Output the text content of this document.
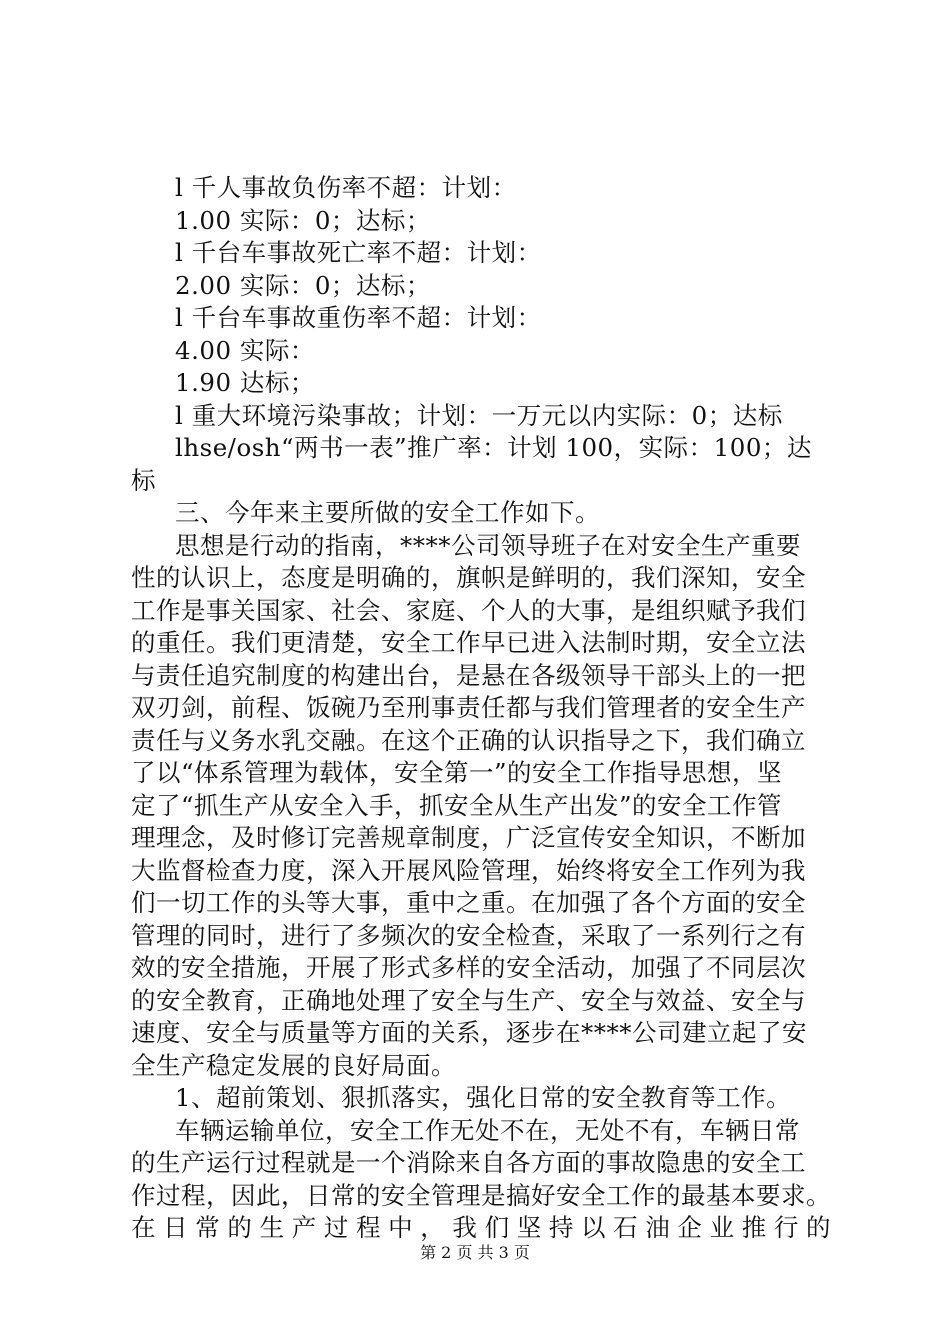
l 千人事故负伤率不超：计划：
1.00 实际：0；达标；
l 千台车事故死亡率不超：计划：
2.00 实际：0；达标；
l 千台车事故重伤率不超：计划：
4.00 实际：
1.90 达标；
l 重大环境污染事故；计划：一万元以内实际：0；达标
lhse/osh“两书一表”推广率：计划 100，实际：100；达
标
三、今年来主要所做的安全工作如下。
思想是行动的指南，****公司领导班子在对安全生产重要
性的认识上，态度是明确的，旗帜是鲜明的，我们深知，安全
工作是事关国家、社会、家庭、个人的大事，是组织赋予我们
的重任。我们更清楚，安全工作早已进入法制时期，安全立法
与责任追究制度的构建出台，是悬在各级领导干部头上的一把
双刃剑，前程、饭碗乃至刑事责任都与我们管理者的安全生产
责任与义务水乳交融。在这个正确的认识指导之下，我们确立
了以“体系管理为载体，安全第一”的安全工作指导思想，坚
定了“抓生产从安全入手，抓安全从生产出发”的安全工作管
理理念，及时修订完善规章制度，广泛宣传安全知识，不断加
大监督检查力度，深入开展风险管理，始终将安全工作列为我
们一切工作的头等大事，重中之重。在加强了各个方面的安全
管理的同时，进行了多频次的安全检查，采取了一系列行之有
效的安全措施，开展了形式多样的安全活动，加强了不同层次
的安全教育，正确地处理了安全与生产、安全与效益、安全与
速度、安全与质量等方面的关系，逐步在****公司建立起了安
全生产稳定发展的良好局面。
1、超前策划、狠抓落实，强化日常的安全教育等工作。
车辆运输单位，安全工作无处不在，无处不有，车辆日常
的生产运行过程就是一个消除来自各方面的事故隐患的安全工
作过程，因此，日常的安全管理是搞好安全工作的最基本要求。
在日常的生产过程中，我们坚持以石油企业推行的
第 2 页 共 3 页
